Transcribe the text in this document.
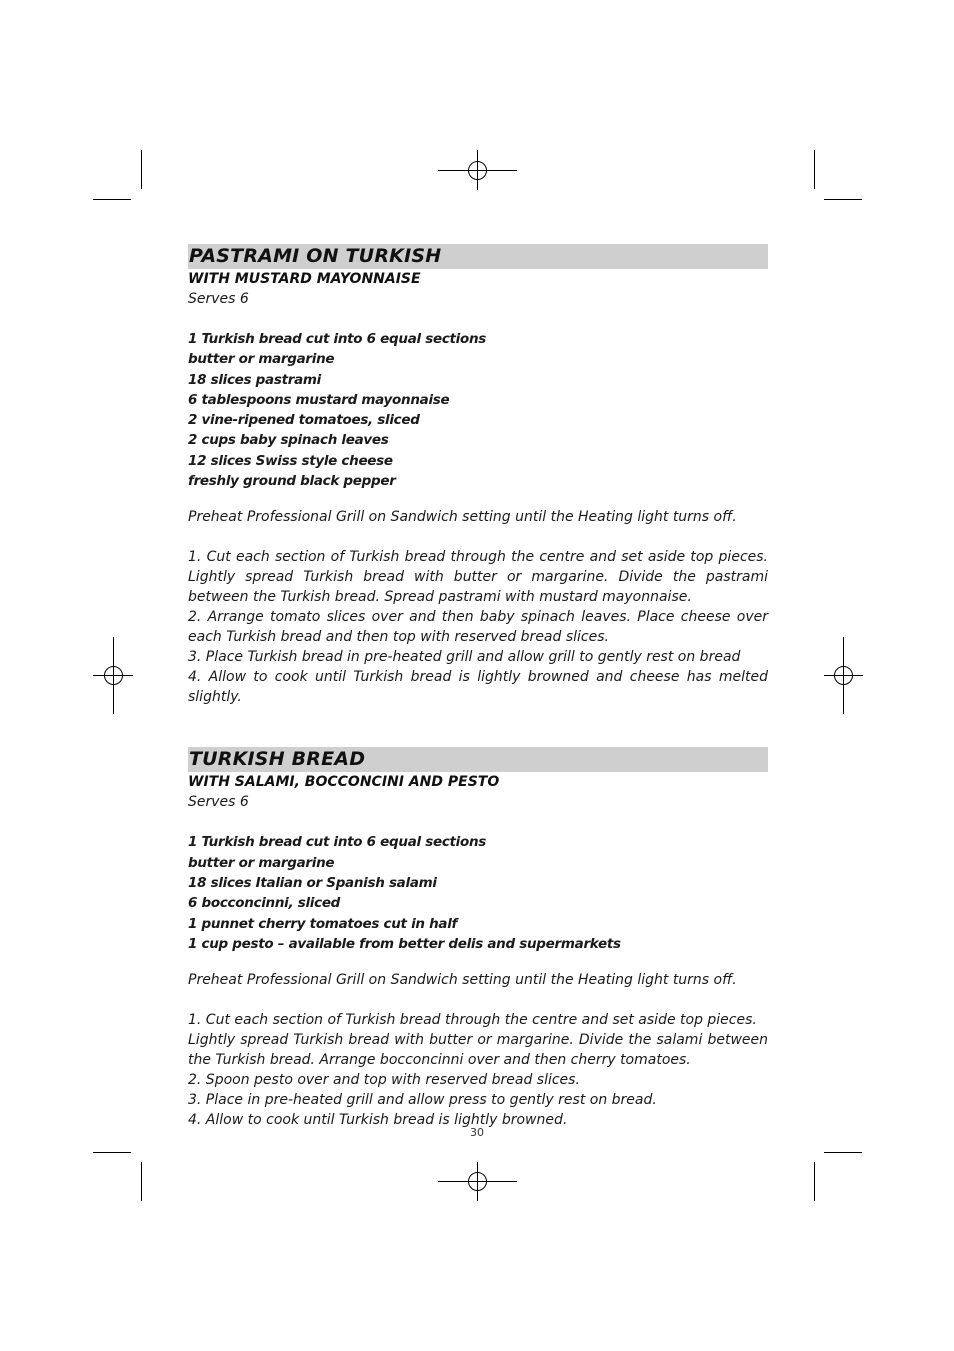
PASTRAMI ON TURKISH

WITH MUSTARD MAYONNAISE

Serves 6

1 Turkish bread cut into 6 equal sections
butter or margarine
18 slices pastrami
6 tablespoons mustard mayonnaise
2 vine-ripened tomatoes, sliced
2 cups baby spinach leaves
12 slices Swiss style cheese
freshly ground black pepper

Preheat Professional Grill on Sandwich setting until the Heating light turns off.

1. Cut each section of Turkish bread through the centre and set aside top pieces. Lightly spread Turkish bread with butter or margarine. Divide the pastrami between the Turkish bread. Spread pastrami with mustard mayonnaise.

2. Arrange tomato slices over and then baby spinach leaves. Place cheese over each Turkish bread and then top with reserved bread slices.

3. Place Turkish bread in pre-heated grill and allow grill to gently rest on bread

4. Allow to cook until Turkish bread is lightly browned and cheese has melted slightly.

TURKISH BREAD

WITH SALAMI, BOCCONCINI AND PESTO

Serves 6

1 Turkish bread cut into 6 equal sections
butter or margarine
18 slices Italian or Spanish salami
6 bocconcinni, sliced
1 punnet cherry tomatoes cut in half
1 cup pesto – available from better delis and supermarkets

Preheat Professional Grill on Sandwich setting until the Heating light turns off.

1. Cut each section of Turkish bread through the centre and set aside top pieces.

Lightly spread Turkish bread with butter or margarine. Divide the salami between the Turkish bread. Arrange bocconcinni over and then cherry tomatoes.

2. Spoon pesto over and top with reserved bread slices.

3. Place in pre-heated grill and allow press to gently rest on bread.

4. Allow to cook until Turkish bread is lightly browned.

30
